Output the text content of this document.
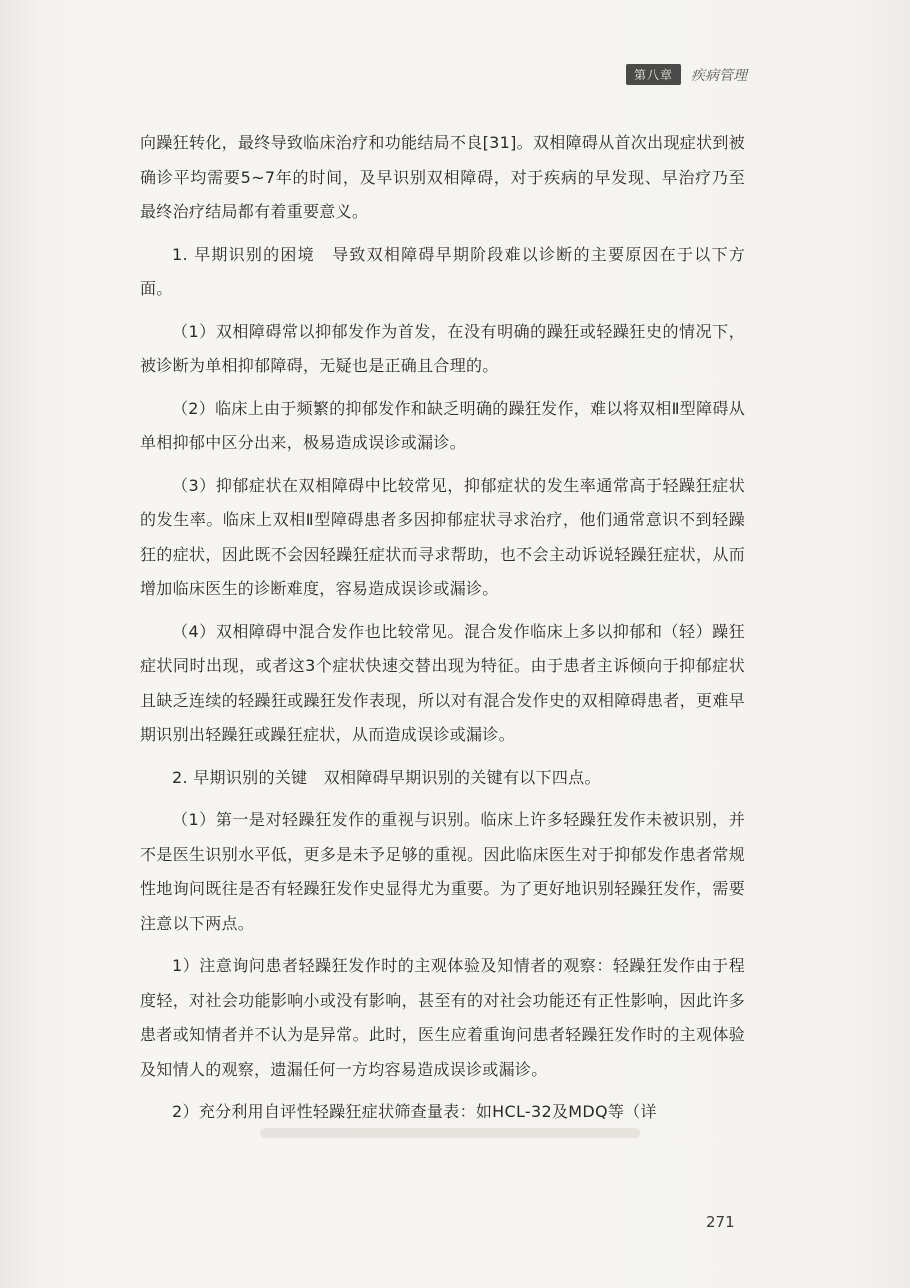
第八章	疾病管理

向躁狂转化，最终导致临床治疗和功能结局不良[31]。双相障碍从首次出现症状到被确诊平均需要5~7年的时间，及早识别双相障碍，对于疾病的早发现、早治疗乃至最终治疗结局都有着重要意义。

1. 早期识别的困境　导致双相障碍早期阶段难以诊断的主要原因在于以下方面。

（1）双相障碍常以抑郁发作为首发，在没有明确的躁狂或轻躁狂史的情况下，被诊断为单相抑郁障碍，无疑也是正确且合理的。

（2）临床上由于频繁的抑郁发作和缺乏明确的躁狂发作，难以将双相Ⅱ型障碍从单相抑郁中区分出来，极易造成误诊或漏诊。

（3）抑郁症状在双相障碍中比较常见，抑郁症状的发生率通常高于轻躁狂症状的发生率。临床上双相Ⅱ型障碍患者多因抑郁症状寻求治疗，他们通常意识不到轻躁狂的症状，因此既不会因轻躁狂症状而寻求帮助，也不会主动诉说轻躁狂症状，从而增加临床医生的诊断难度，容易造成误诊或漏诊。

（4）双相障碍中混合发作也比较常见。混合发作临床上多以抑郁和（轻）躁狂症状同时出现，或者这3个症状快速交替出现为特征。由于患者主诉倾向于抑郁症状且缺乏连续的轻躁狂或躁狂发作表现，所以对有混合发作史的双相障碍患者，更难早期识别出轻躁狂或躁狂症状，从而造成误诊或漏诊。

2. 早期识别的关键　双相障碍早期识别的关键有以下四点。

（1）第一是对轻躁狂发作的重视与识别。临床上许多轻躁狂发作未被识别，并不是医生识别水平低，更多是未予足够的重视。因此临床医生对于抑郁发作患者常规性地询问既往是否有轻躁狂发作史显得尤为重要。为了更好地识别轻躁狂发作，需要注意以下两点。

1）注意询问患者轻躁狂发作时的主观体验及知情者的观察：轻躁狂发作由于程度轻，对社会功能影响小或没有影响，甚至有的对社会功能还有正性影响，因此许多患者或知情者并不认为是异常。此时，医生应着重询问患者轻躁狂发作时的主观体验及知情人的观察，遗漏任何一方均容易造成误诊或漏诊。

2）充分利用自评性轻躁狂症状筛查量表：如HCL-32及MDQ等（详

271
